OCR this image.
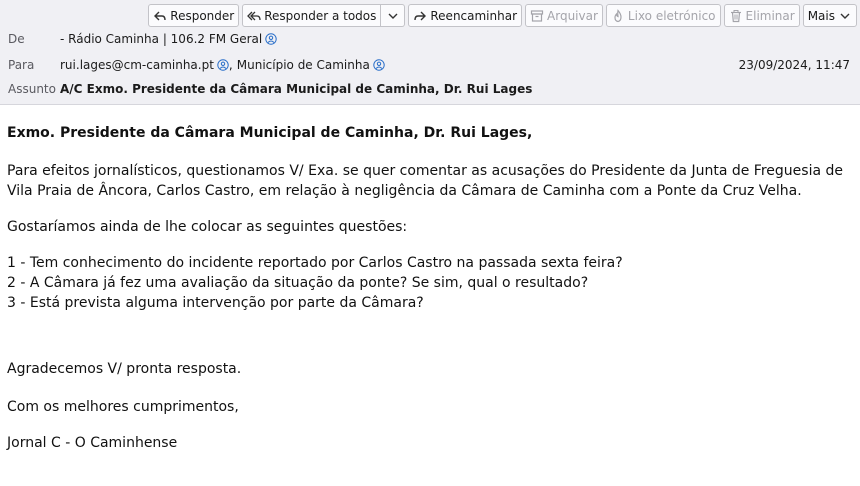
Responder	Responder a todos	Reencaminhar	Arquivar	Lixo eletrónico	Eliminar Mais
De	- Rádio Caminha | 106.2 FM Geral
Para rui.lages@cm-caminha.pt , Município de Caminha	23/09/2024, 11:47
Assunto A/C Exmo. Presidente da Câmara Municipal de Caminha, Dr. Rui Lages

Exmo. Presidente da Câmara Municipal de Caminha, Dr. Rui Lages,

Para efeitos jornalísticos, questionamos V/ Exa. se quer comentar as acusações do Presidente da Junta de Freguesia de

Vila Praia de Âncora, Carlos Castro, em relação à negligência da Câmara de Caminha com a Ponte da Cruz Velha.

Gostaríamos ainda de lhe colocar as seguintes questões:

1 - Tem conhecimento do incidente reportado por Carlos Castro na passada sexta feira?

2 - A Câmara já fez uma avaliação da situação da ponte? Se sim, qual o resultado?

3 - Está prevista alguma intervenção por parte da Câmara?

Agradecemos V/ pronta resposta.

Com os melhores cumprimentos,

Jornal C - O Caminhense
